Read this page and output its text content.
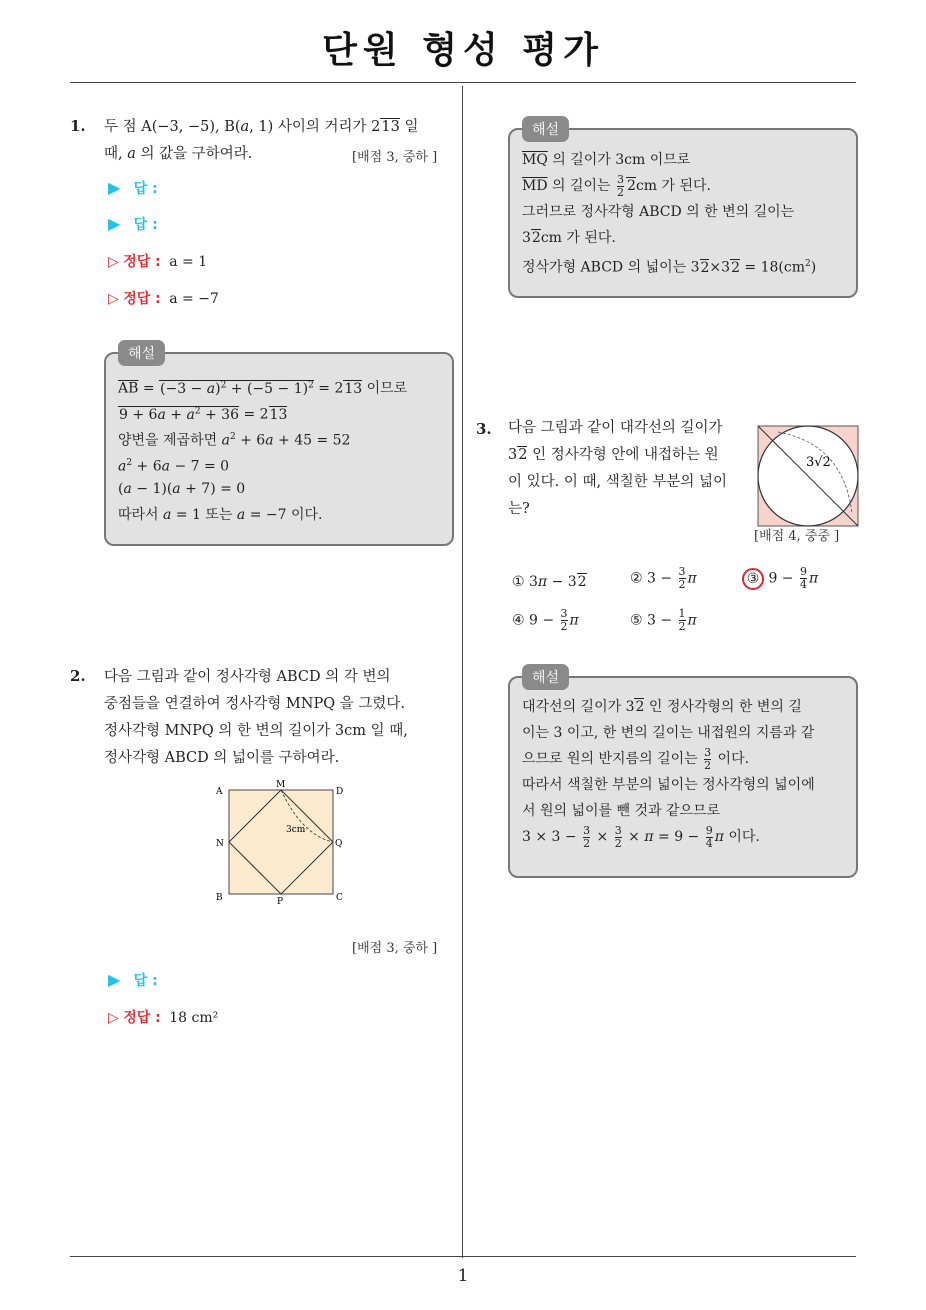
단원 형성 평가
1
1. 두 점 A(−3, −5), B(a, 1) 사이의 거리가 213 일
때, a 의 값을 구하여라.	[배점 3, 중하 ]
▶ 답 :
▶ 답 :
▷ 정답 : a = 1
▷ 정답 : a = −7
해설
$\overline{AB} = (-3 - a)^2 + (-5 - 1)^2 = 213$ 이므로
$9 + 6a + a^2 + 36 = 213$
양변을 제곱하면 $a^2 + 6a + 45 = 52$
$a^2 + 6a - 7 = 0$
(a − 1)(a + 7) = 0
따라서 a = 1 또는 a = −7 이다.
2. 다음 그림과 같이 정사각형 ABCD 의 각 변의
중점들을 연결하여 정사각형 MNPQ 을 그렸다.
정사각형 MNPQ 의 한 변의 길이가 3cm 일 때,
정사각형 ABCD 의 넓이를 구하여라.
A	D
M
N	Q
B	C
P
3cm
[배점 3, 중하 ]
▶ 답 :
▷ 정답 : 18 cm²
해설
$\overline{MQ}$ 의 길이가 3cm 이므로
$\overline{MD}$ 의 길이는 $\frac{3}{2} 2cm$ 가 된다.
그러므로 정사각형 ABCD 의 한 변의 길이는
32cm 가 된다.
정삭가형 ABCD 의 넓이는 $32\times 32 = 18(cm^2)$
3. 다음 그림과 같이 대각선의 길이가
32 인 정사각형 안에 내접하는 원
이 있다. 이 때, 색칠한 부분의 넓이
는?
3√2
[배점 4, 중중 ]
① 3π − 32	② $3 - \frac{3}{2}$ π	③ $9 - \frac{9}{4}$ π
④ $9 - \frac{3}{2}$ π	⑤ $3 - \frac{1}{2}$ π
해설
대각선의 길이가 32 인 정사각형의 한 변의 길
이는 3 이고, 한 변의 길이는 내접원의 지름과 같
으므로 원의 반지름의 길이는 $\frac{3}{2}$ 이다.
따라서 색칠한 부분의 넓이는 정사각형의 넓이에
서 원의 넓이를 뺀 것과 같으므로
$3 \times 3 - \frac{3}{2} \times \frac{3}{2} \times \pi = 9 - \frac{9}{4}$ π 이다.
